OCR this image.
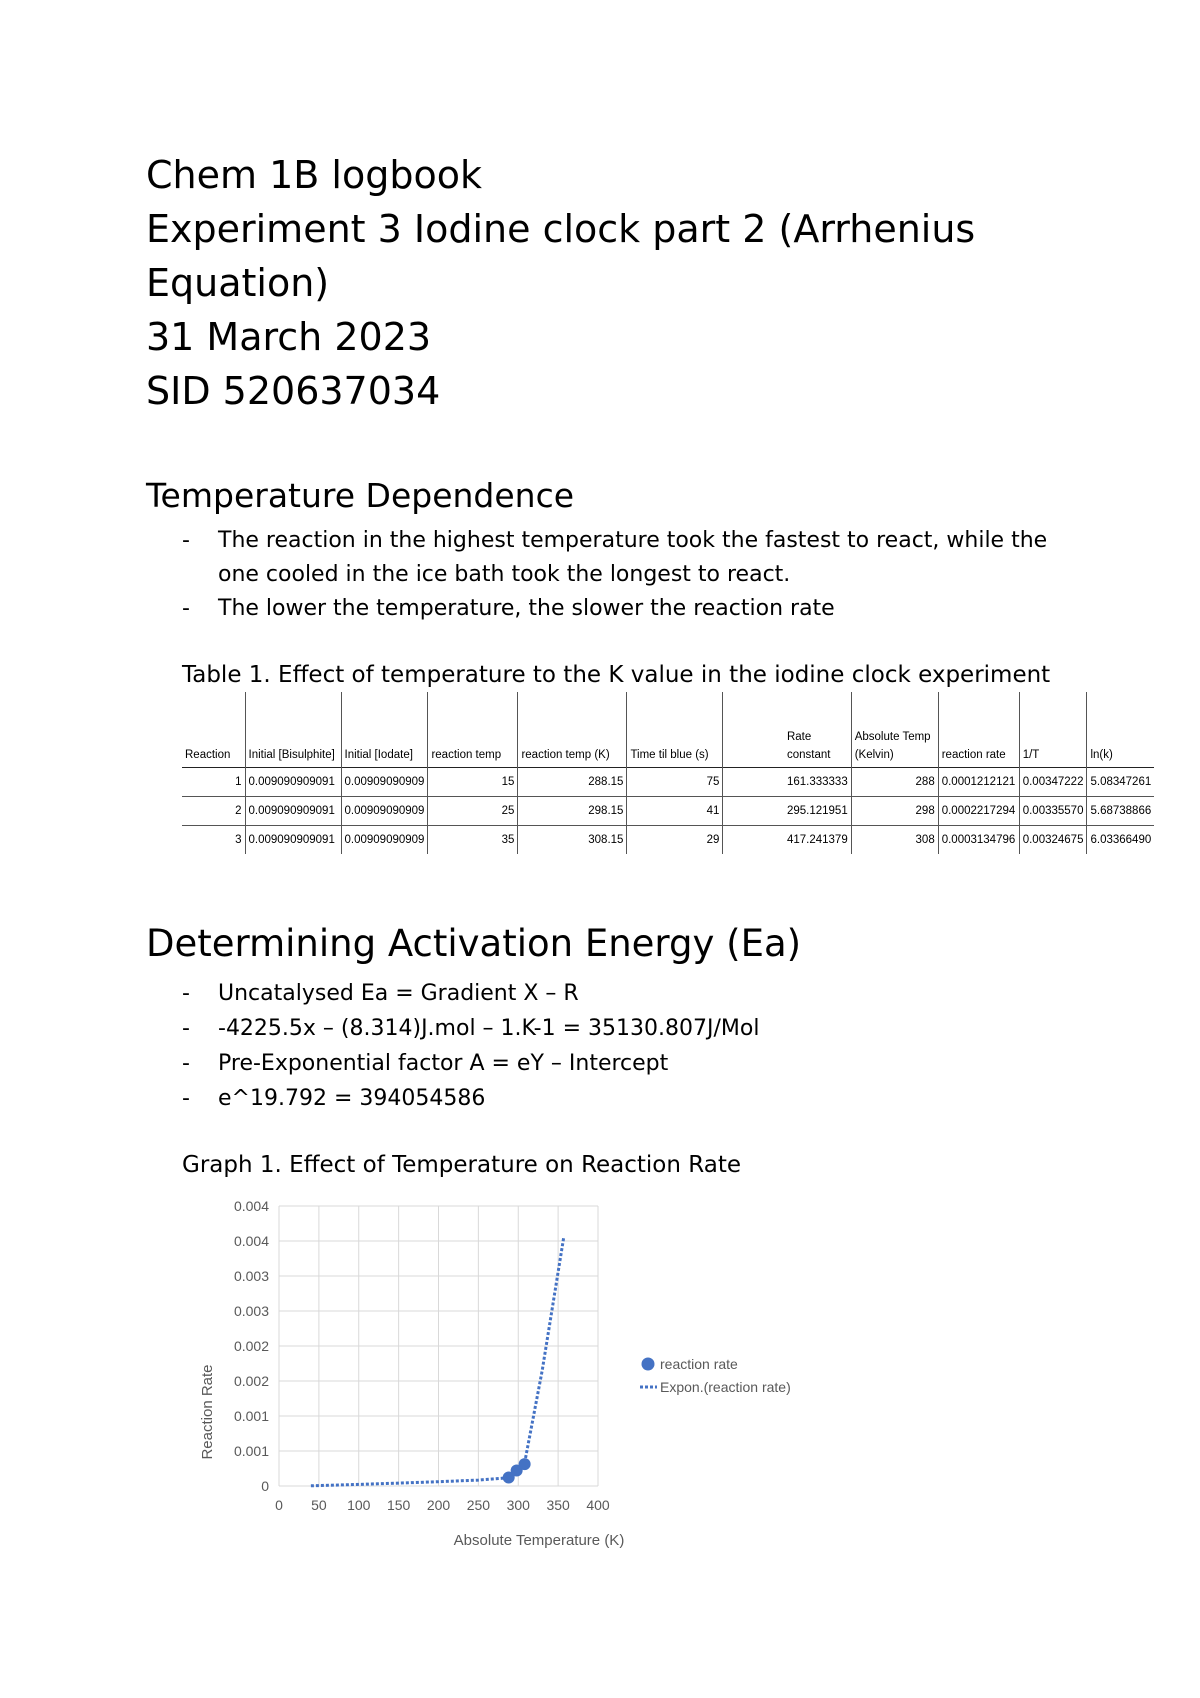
Chem 1B logbook
Experiment 3 Iodine clock part 2 (Arrhenius
Equation)
31 March 2023
SID 520637034
Temperature Dependence
- The reaction in the highest temperature took the fastest to react, while the one cooled in the ice bath took the longest to react.
- The lower the temperature, the slower the reaction rate
Table 1. Effect of temperature to the K value in the iodine clock experiment
Reaction	Initial [Bisulphite]	Initial [Iodate]	reaction temp	reaction temp (K)	Time til blue (s)		Rate constant	Absolute Temp (Kelvin)	reaction rate	1/T	ln(k)
1	0.009090909091	0.00909090909	15	288.15	75		161.333333	288	0.0001212121	0.00347222	5.08347261
2	0.009090909091	0.00909090909	25	298.15	41		295.121951	298	0.0002217294	0.00335570	5.68738866
3	0.009090909091	0.00909090909	35	308.15	29		417.241379	308	0.0003134796	0.00324675	6.03366490
Determining Activation Energy (Ea)
- Uncatalysed Ea = Gradient X – R
- -4225.5x – (8.314)J.mol – 1.K-1 = 35130.807J/Mol
- Pre-Exponential factor A = eY – Intercept
- e^19.792 = 394054586
Graph 1. Effect of Temperature on Reaction Rate
0 50 100 150 200 250 300 350 400
0
0.001
0.001
0.002
0.002
0.003
0.003
0.004
0.004
reaction rate
Expon.(reaction rate)
Absolute Temperature (K)
Reaction Rate
